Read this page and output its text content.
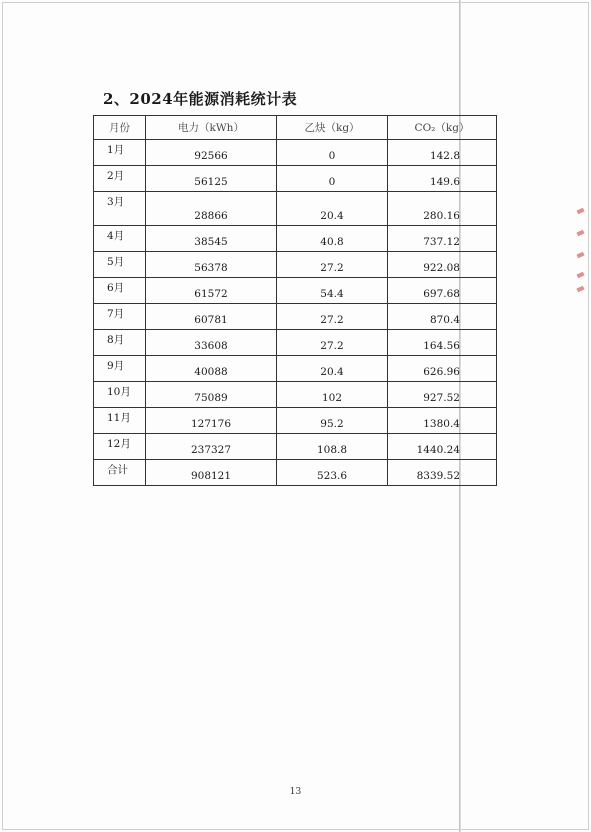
2、2024年能源消耗统计表
月份	电力（kWh）	乙炔（kg）	CO₂（kg）
1月	92566	0	142.8
2月	56125	0	149.6
3月	28866	20.4	280.16
4月	38545	40.8	737.12
5月	56378	27.2	922.08
6月	61572	54.4	697.68
7月	60781	27.2	870.4
8月	33608	27.2	164.56
9月	40088	20.4	626.96
10月	75089	102	927.52
11月	127176	95.2	1380.4
12月	237327	108.8	1440.24
合计	908121	523.6	8339.52
13
